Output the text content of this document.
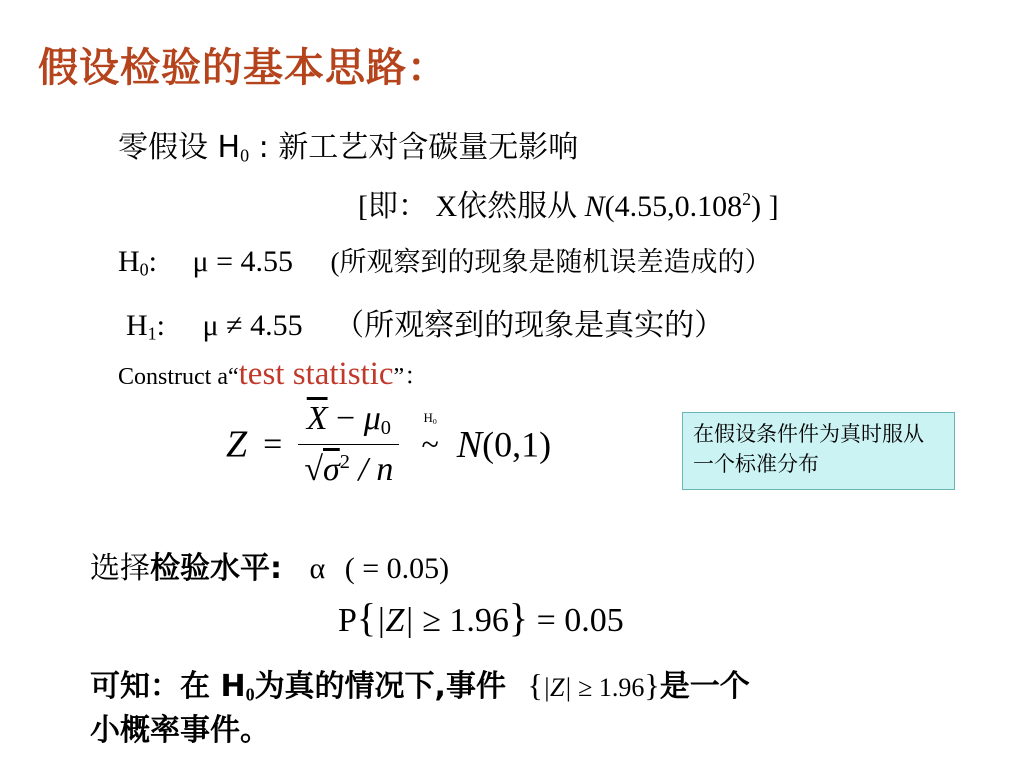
假设检验的基本思路：
零假设 $H_0$ : 新工艺对含碳量无影响
[即： X依然服从 N(4.55,0.108$^2$) ]
$H_0$: μ = 4.55 (所观察到的现象是随机误差造成的）
$H_1$: μ ≠ 4.55 （所观察到的现象是真实的）
Construct a“test statistic”：
$Z = \frac{\overline{X} - \mu_0}{√\sigma^2 / n}$
$H_0$
~ N(0,1)	在假设条件件为真时服从一个标准分布
选择检验水平: α ( = 0.05)
P{|Z| ≥ 1.96} = 0.05
可知：在 $H_0$为真的情况下,事件 {|Z| ≥ 1.96}是一个
小概率事件。
